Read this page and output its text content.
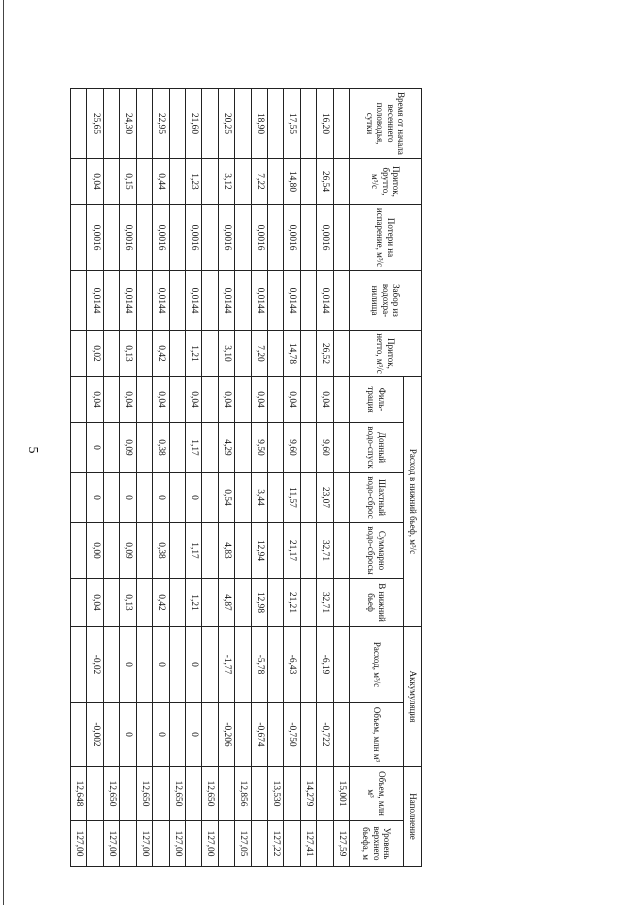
5
Время от начала весеннего половодья, сутки	Приток, брутто, м³/с	Потери на испарение, м³/с	Забор из водохра-нилища	Приток, нетто, м³/с	Расход в нижний бьеф, м³/с					Аккумуляция		Наполнение	
					Филь-трация	Донный водо-спуск	Шахтный водо-сброс	Суммарно водо-сбросы	В нижний бьеф	Расход, м³/с	Объем, млн м³	Объем, млн м³	Уровень верхнего бьефа, м
												15,001	127,59
16,20	26,54	0,0016	0,0144	26,52	0,04	9,60	23,07	32,71	32,71	-6,19	-0,722		
												14,279	127,41
17,55	14,80	0,0016	0,0144	14,78	0,04	9,60	11,57	21,17	21,21	-6,43	-0,750		
												13,530	127,22
18,90	7,22	0,0016	0,0144	7,20	0,04	9,50	3,44	12,94	12,98	-5,78	-0,674		
												12,856	127,05
20,25	3,12	0,0016	0,0144	3,10	0,04	4,29	0,54	4,83	4,87	-1,77	-0,206		
												12,650	127,00
21,60	1,23	0,0016	0,0144	1,21	0,04	1,17	0	1,17	1,21	0	0		
												12,650	127,00
22,95	0,44	0,0016	0,0144	0,42	0,04	0,38	0	0,38	0,42	0	0		
												12,650	127,00
24,30	0,15	0,0016	0,0144	0,13	0,04	0,09	0	0,09	0,13	0	0		
												12,650	127,00
25,65	0,04	0,0016	0,0144	0,02	0,04	0	0	0,00	0,04	-0,02	-0,002		
												12,648	127,00
